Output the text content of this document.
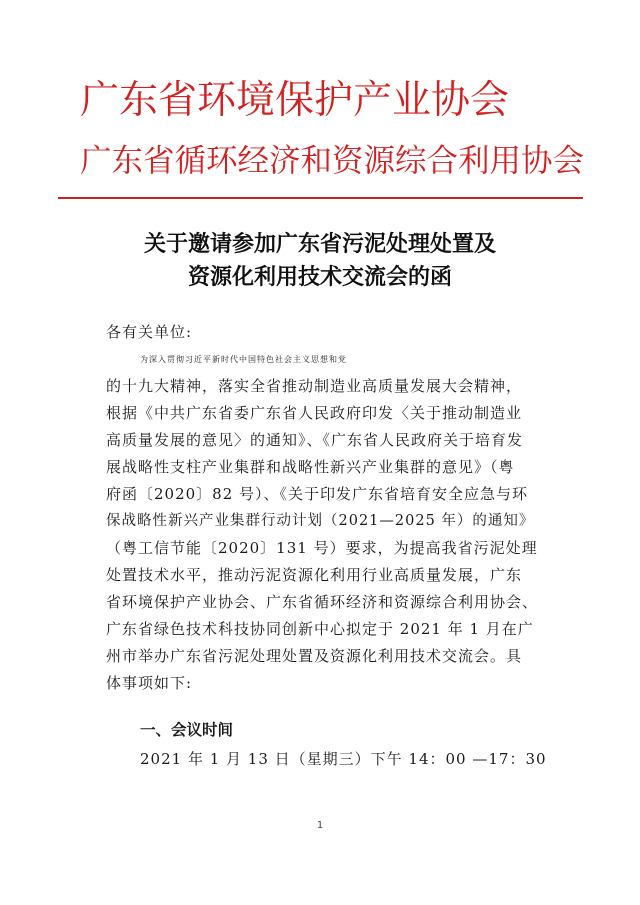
广东省环境保护产业协会
广东省循环经济和资源综合利用协会
关于邀请参加广东省污泥处理处置及
资源化利用技术交流会的函
各有关单位:
为深入贯彻习近平新时代中国特色社会主义思想和党
的十九大精神，落实全省推动制造业高质量发展大会精神，
根据《中共广东省委广东省人民政府印发〈关于推动制造业
高质量发展的意见〉的通知》、《广东省人民政府关于培育发
展战略性支柱产业集群和战略性新兴产业集群的意见》（粤
府函〔2020〕82 号）、《关于印发广东省培育安全应急与环
保战略性新兴产业集群行动计划（2021—2025 年）的通知》
（粤工信节能〔2020〕131 号）要求，为提高我省污泥处理
处置技术水平，推动污泥资源化利用行业高质量发展，广东
省环境保护产业协会、广东省循环经济和资源综合利用协会、
广东省绿色技术科技协同创新中心拟定于 2021 年 1 月在广
州市举办广东省污泥处理处置及资源化利用技术交流会。具
体事项如下:
一、会议时间
2021 年 1 月 13 日（星期三）下午 14：00 —17：30
1
